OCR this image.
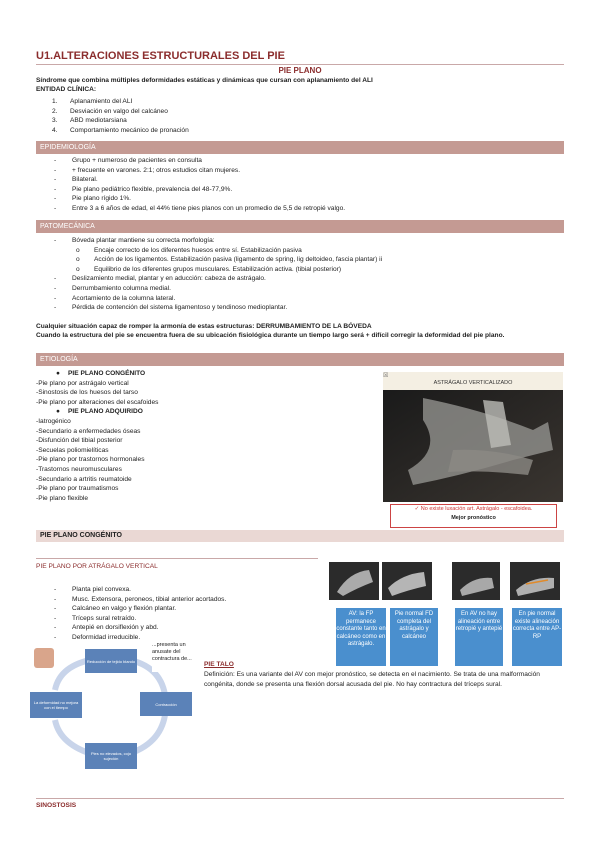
U1.ALTERACIONES ESTRUCTURALES DEL PIE
PIE PLANO
Síndrome que combina múltiples deformidades estáticas y dinámicas que cursan con aplanamiento del ALI
ENTIDAD CLÍNICA:
1.	Aplanamiento del ALI
2.	Desviación en valgo del calcáneo
3.	ABD mediotarsiana
4.	Comportamiento mecánico de pronación
EPIDEMIOLOGÍA
-	Grupo + numeroso de pacientes en consulta
-	+ frecuente en varones. 2:1; otros estudios citan mujeres.
-	Bilateral.
-	Pie plano pediátrico flexible, prevalencia del 48-77,9%.
-	Pie plano rígido 1%.
-	Entre 3 a 6 años de edad, el 44% tiene pies planos con un promedio de 5,5 de retropié valgo.
PATOMECÁNICA
-	Bóveda plantar mantiene su correcta morfología:
o	Encaje correcto de los diferentes huesos entre sí. Estabilización pasiva
o	Acción de los ligamentos. Estabilización pasiva (ligamento de spring, lig deltoideo, fascia plantar) ii
o	Equilibrio de los diferentes grupos musculares. Estabilización activa. (tibial posterior)
-	Deslizamiento medial, plantar y en aducción: cabeza de astrágalo.
-	Derrumbamiento columna medial.
-	Acortamiento de la columna lateral.
-	Pérdida de contención del sistema ligamentoso y tendinoso medioplantar.
Cualquier situación capaz de romper la armonía de estas estructuras: DERRUMBAMIENTO DE LA BÓVEDA
Cuando la estructura del pie se encuentra fuera de su ubicación fisiológica durante un tiempo largo será + difícil corregir la deformidad del pie plano.
ETIOLOGÍA
● PIE PLANO CONGÉNITO
-Pie plano por astrágalo vertical
-Sinostosis de los huesos del tarso
-Pie plano por alteraciones del escafoides
● PIE PLANO ADQUIRIDO
-Iatrogénico
-Secundario a enfermedades óseas
-Disfunción del tibial posterior
-Secuelas poliomielíticas
-Pie plano por trastornos hormonales
-Trastornos neuromusculares
-Secundario a artritis reumatoide
-Pie plano por traumatismos
-Pie plano flexible
☒
ASTRÁGALO VERTICALIZADO
✓ No existe luxación art. Astrágalo - escafoidea.
Mejor pronóstico
PIE PLANO CONGÉNITO
PIE PLANO POR ATRÁGALO VERTICAL
-	Planta piel convexa.
-	Musc. Extensora, peroneos, tibial anterior acortados.
-	Calcáneo en valgo y flexión plantar.
-	Tríceps sural retraído.
-	Antepié en dorsiflexión y abd.
-	Deformidad irreducible.
AV: la FP permanece constante tanto en calcáneo como en astrágalo.
Pie normal FD completa del astrágalo y calcáneo
En AV no hay alineación entre retropié y antepié
En pie normal existe alineación correcta entre AP-RP
Reducción de tejido blando
Contracción
Pies no elevados, cojo sujeción
La deformidad no mejora con el tiempo
...presenta un anusate del contractura de...
PIE TALO
Definición: Es una variante del AV con mejor pronóstico, se detecta en el nacimiento. Se trata de una malformación congénita, donde se presenta una flexión dorsal acusada del pie. No hay contractura del tríceps sural.
SINOSTOSIS
